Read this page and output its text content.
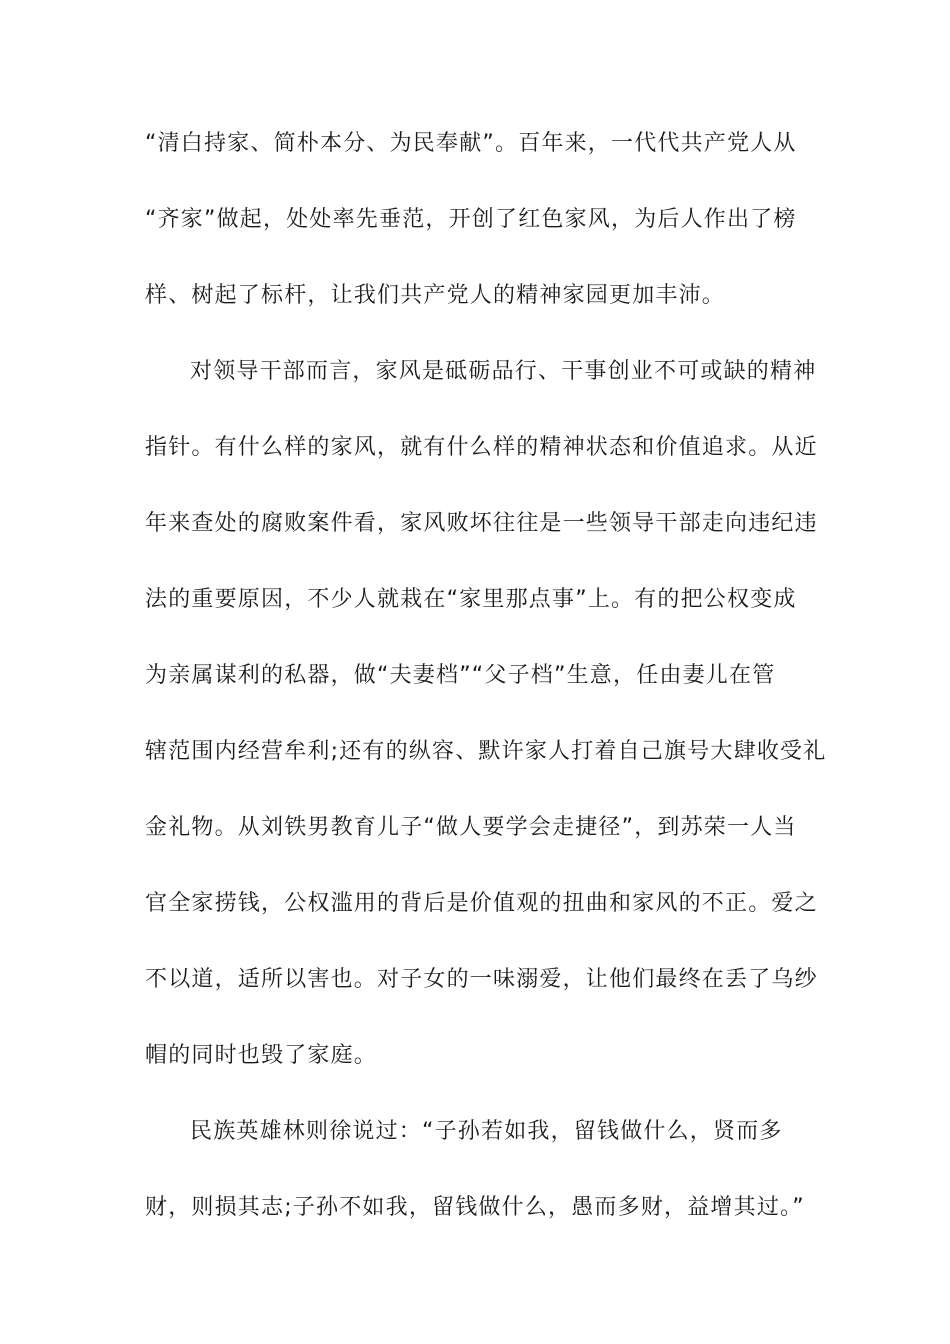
“清白持家、简朴本分、为民奉献”。百年来，一代代共产党人从
“齐家”做起，处处率先垂范，开创了红色家风，为后人作出了榜
样、树起了标杆，让我们共产党人的精神家园更加丰沛。
对领导干部而言，家风是砥砺品行、干事创业不可或缺的精神
指针。有什么样的家风，就有什么样的精神状态和价值追求。从近
年来查处的腐败案件看，家风败坏往往是一些领导干部走向违纪违
法的重要原因，不少人就栽在“家里那点事”上。有的把公权变成
为亲属谋利的私器，做“夫妻档”“父子档”生意，任由妻儿在管
辖范围内经营牟利;还有的纵容、默许家人打着自己旗号大肆收受礼
金礼物。从刘铁男教育儿子“做人要学会走捷径”，到苏荣一人当
官全家捞钱，公权滥用的背后是价值观的扭曲和家风的不正。爱之
不以道，适所以害也。对子女的一味溺爱，让他们最终在丢了乌纱
帽的同时也毁了家庭。
民族英雄林则徐说过：“子孙若如我，留钱做什么，贤而多
财，则损其志;子孙不如我，留钱做什么，愚而多财，益增其过。”
